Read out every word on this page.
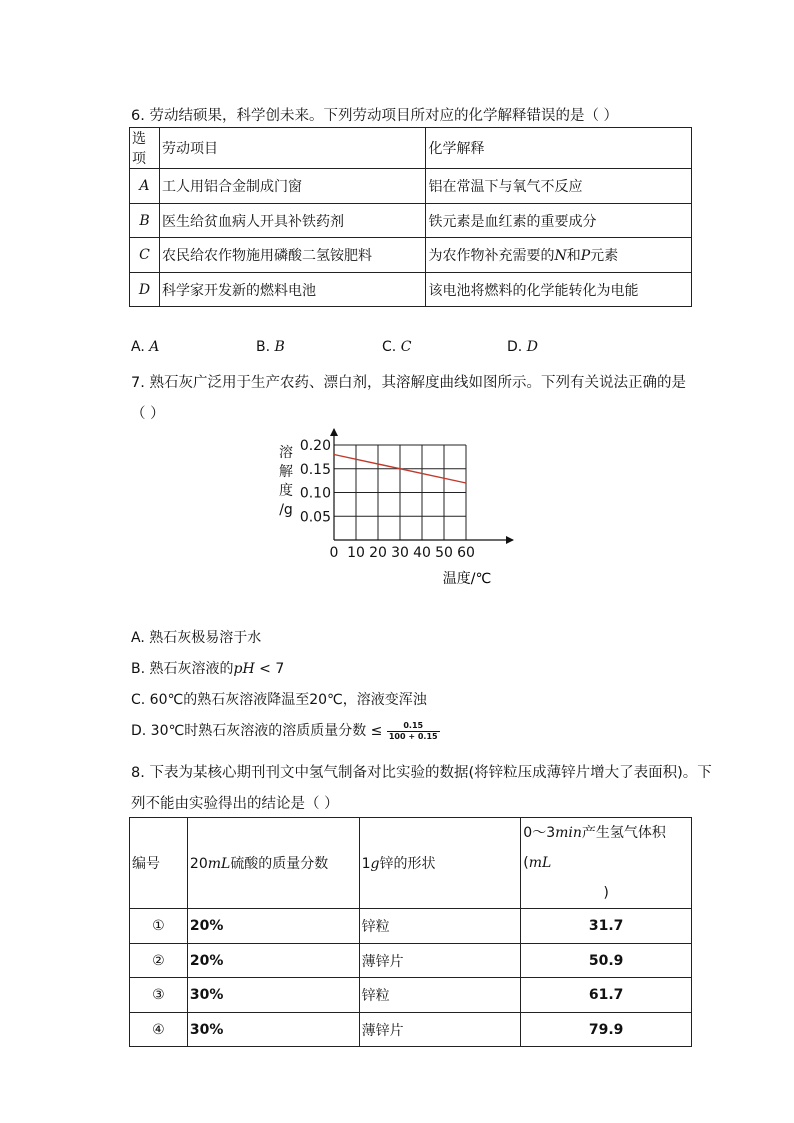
6. 劳动结硕果，科学创未来。下列劳动项目所对应的化学解释错误的是（ ）
选项	劳动项目	化学解释
A	工人用铝合金制成门窗	铝在常温下与氧气不反应
B	医生给贫血病人开具补铁药剂	铁元素是血红素的重要成分
C	农民给农作物施用磷酸二氢铵肥料	为农作物补充需要的N和P元素
D	科学家开发新的燃料电池	该电池将燃料的化学能转化为电能
A. A	B. B	C. C	D. D
7. 熟石灰广泛用于生产农药、漂白剂，其溶解度曲线如图所示。下列有关说法正确的是
（ ）
0 10 20 30 40 50 60
0.05
0.10
0.15
0.20
溶
解
度
/g
温度/℃
A. 熟石灰极易溶于水
B. 熟石灰溶液的pH < 7
C. 60℃的熟石灰溶液降温至20℃，溶液变浑浊
D. 30℃时熟石灰溶液的溶质质量分数 ≤ $\frac{0.15}{100 + 0.15}$
8. 下表为某核心期刊刊文中氢气制备对比实验的数据(将锌粒压成薄锌片增大了表面积)。下
列不能由实验得出的结论是（ ）
编号	20mL硫酸的质量分数	1g锌的形状	0～3min产生氢气体积(mL

)

①	20%	锌粒	31.7
②	20%	薄锌片	50.9
③	30%	锌粒	61.7
④	30%	薄锌片	79.9
